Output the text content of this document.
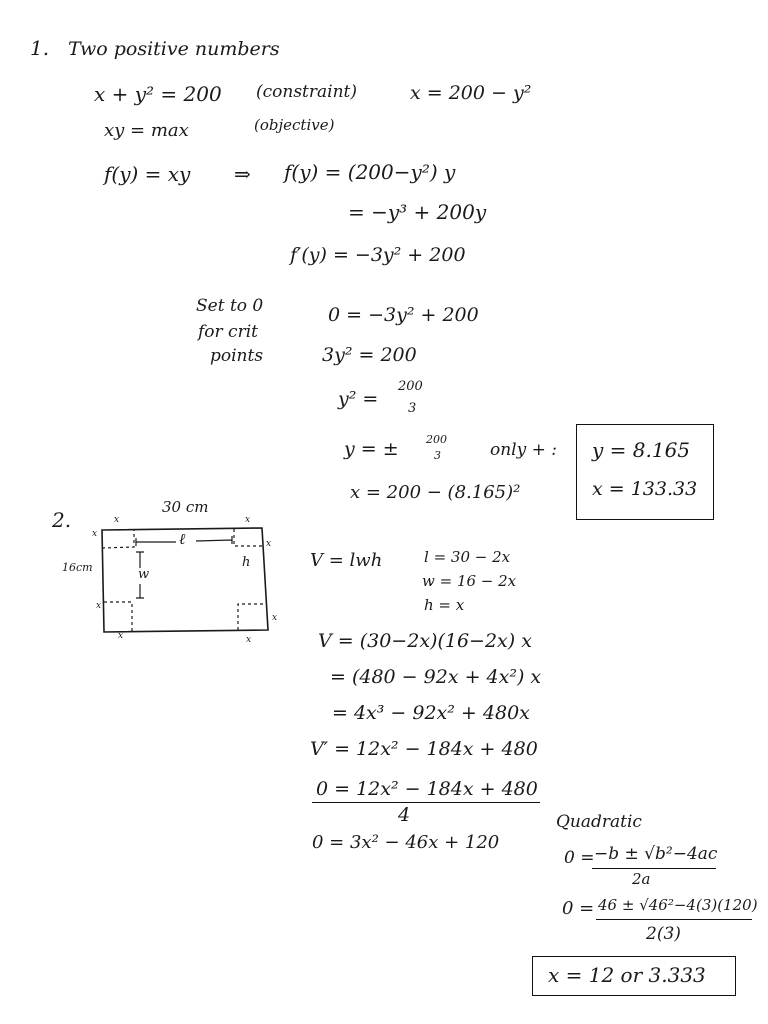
1. Two positive numbers
x + y² = 200 (constraint)	x = 200 − y²
xy = max	(objective)
f(y) = xy ⇒ f(y) = (200−y²) y
= −y³ + 200y
f′(y) = −3y² + 200
Set to 0
for crit
points
0 = −3y² + 200
3y² = 200
y² =
200
3
y = ± 200
3	only + :
x = 200 − (8.165)²
y = 8.165
x = 133.33
2.
30 cm
16cm
ℓ
w
h
x	x
x
x
x
x
x	x
V = lwh	l = 30 − 2x
w = 16 − 2x
h = x
V = (30−2x)(16−2x) x
= (480 − 92x + 4x²) x
= 4x³ − 92x² + 480x
V′ = 12x² − 184x + 480
0 = 12x² − 184x + 480
4
0 = 3x² − 46x + 120
Quadratic
0 = −b ± √b²−4ac
2a
0 = 46 ± √46²−4(3)(120)
2(3)
x = 12 or 3.333
